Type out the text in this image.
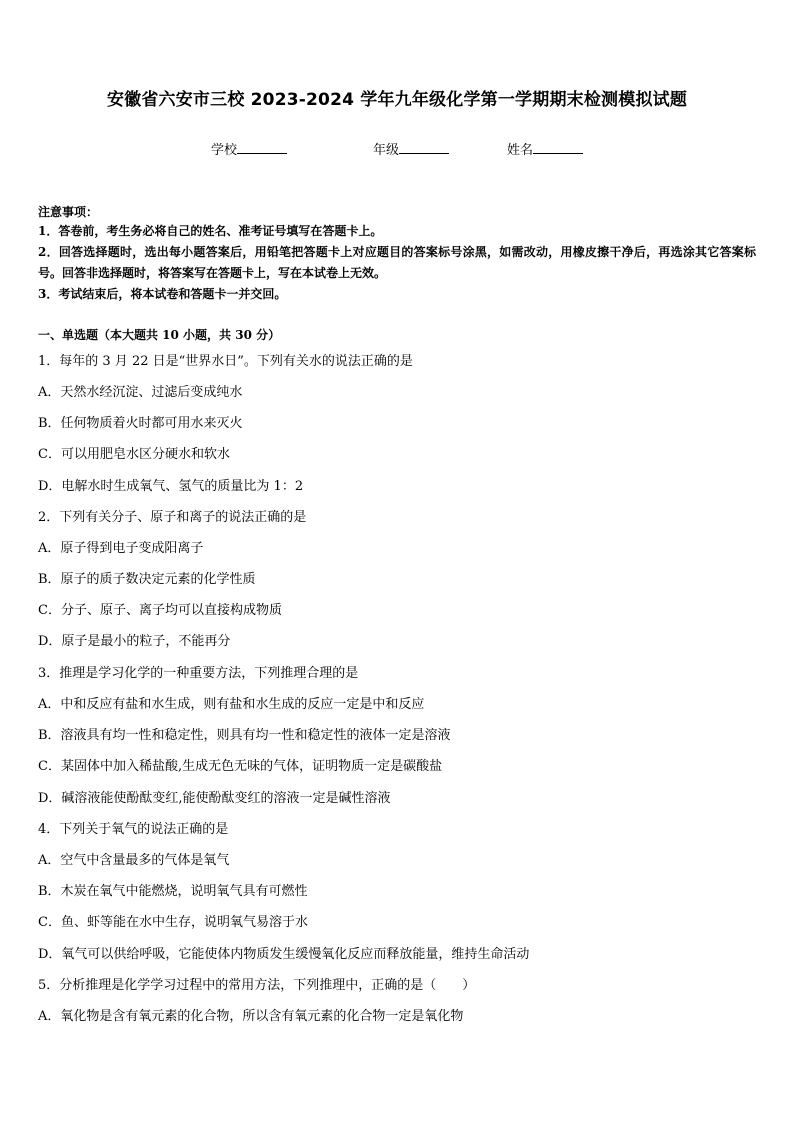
安徽省六安市三校 2023-2024 学年九年级化学第一学期期末检测模拟试题
学校	年级	姓名
注意事项：
1．答卷前，考生务必将自己的姓名、准考证号填写在答题卡上。
2．回答选择题时，选出每小题答案后，用铅笔把答题卡上对应题目的答案标号涂黑，如需改动，用橡皮擦干净后，再选涂其它答案标号。回答非选择题时，将答案写在答题卡上，写在本试卷上无效。
3．考试结束后，将本试卷和答题卡一并交回。
一、单选题（本大题共 10 小题，共 30 分）
1．每年的 3 月 22 日是“世界水日”。下列有关水的说法正确的是
A．天然水经沉淀、过滤后变成纯水
B．任何物质着火时都可用水来灭火
C．可以用肥皂水区分硬水和软水
D．电解水时生成氧气、氢气的质量比为 1：2
2．下列有关分子、原子和离子的说法正确的是
A．原子得到电子变成阳离子
B．原子的质子数决定元素的化学性质
C．分子、原子、离子均可以直接构成物质
D．原子是最小的粒子，不能再分
3．推理是学习化学的一种重要方法，下列推理合理的是
A．中和反应有盐和水生成，则有盐和水生成的反应一定是中和反应
B．溶液具有均一性和稳定性，则具有均一性和稳定性的液体一定是溶液
C．某固体中加入稀盐酸,生成无色无味的气体，证明物质一定是碳酸盐
D．碱溶液能使酚酞变红,能使酚酞变红的溶液一定是碱性溶液
4．下列关于氧气的说法正确的是
A．空气中含量最多的气体是氧气
B．木炭在氧气中能燃烧，说明氧气具有可燃性
C．鱼、虾等能在水中生存，说明氧气易溶于水
D．氧气可以供给呼吸，它能使体内物质发生缓慢氧化反应而释放能量，维持生命活动
5．分析推理是化学学习过程中的常用方法，下列推理中，正确的是（　　）
A．氧化物是含有氧元素的化合物，所以含有氧元素的化合物一定是氧化物
